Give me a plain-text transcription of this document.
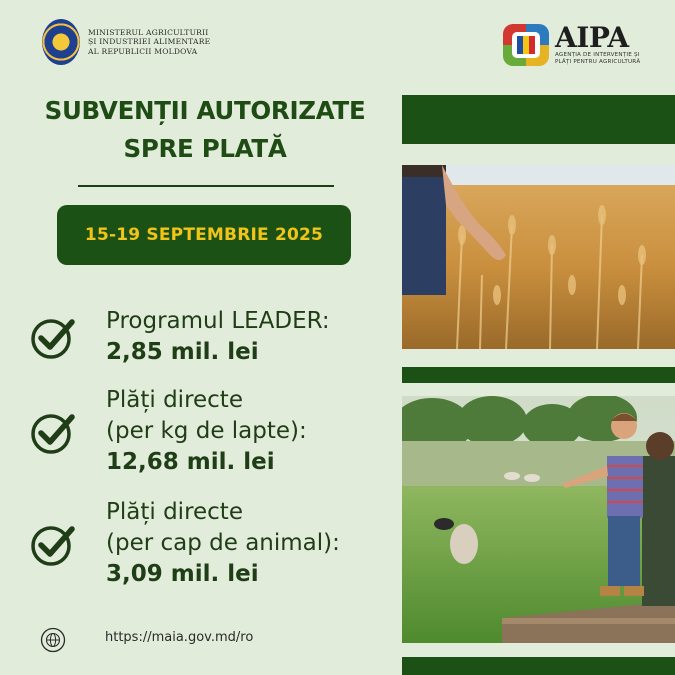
MINISTERUL AGRICULTURII
ȘI INDUSTRIEI ALIMENTARE
AL REPUBLICII MOLDOVA	AIPA
AGENȚIA DE INTERVENȚIE ȘI
PLĂȚI PENTRU AGRICULTURĂ
SUBVENȚII AUTORIZATE
SPRE PLATĂ
15-19 SEPTEMBRIE 2025
Programul LEADER:
2,85 mil. lei
Plăți directe
(per kg de lapte):
12,68 mil. lei
Plăți directe
(per cap de animal):
3,09 mil. lei
https://maia.gov.md/ro
